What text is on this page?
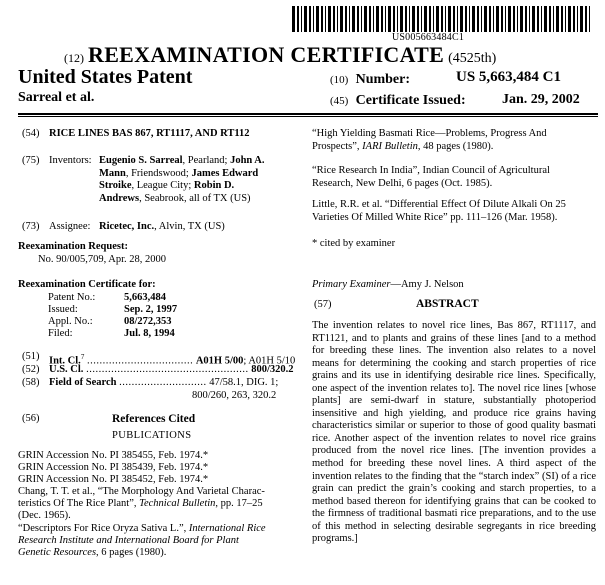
US005663484C1
(12) REEXAMINATION CERTIFICATE (4525th)
United States Patent
Sarreal et al.
(10) Number:	US 5,663,484 C1
(45) Certificate Issued:	Jan. 29, 2002
(54) RICE LINES BAS 867, RT1117, AND RT112
(75) Inventors: Eugenio S. Sarreal, Pearland; John A.
Mann, Friendswood; James Edward
Stroike, League City; Robin D.
Andrews, Seabrook, all of TX (US)
(73) Assignee: Ricetec, Inc., Alvin, TX (US)
Reexamination Request:
No. 90/005,709, Apr. 28, 2000
Reexamination Certificate for:
Patent No.:	5,663,484
Issued:	Sep. 2, 1997
Appl. No.:	08/272,353
Filed:	Jul. 8, 1994
(51) Int. Cl.$^7$ .................................. A01H 5/00; A01H 5/10
(52) U.S. Cl. .................................................... 800/320.2
(58) Field of Search ............................ 47/58.1, DIG. 1;
800/260, 263, 320.2
(56)	References Cited
PUBLICATIONS
GRIN Accession No. PI 385455, Feb. 1974.*
GRIN Accession No. PI 385439, Feb. 1974.*
GRIN Accession No. PI 385452, Feb. 1974.*
Chang, T. T. et al., “The Morphology And Varietal Charac-
teristics Of The Rice Plant”, Technical Bulletin, pp. 17–25
(Dec. 1965).
“Descriptors For Rice Oryza Sativa L.”, International Rice
Research Institute and International Board for Plant
Genetic Resources, 6 pages (1980).
“High Yielding Basmati Rice—Problems, Progress And
Prospects”, IARI Bulletin, 48 pages (1980).
“Rice Research In India”, Indian Council of Agricultural
Research, New Delhi, 6 pages (Oct. 1985).
Little, R.R. et al. “Differential Effect Of Dilute Alkali On 25
Varieties Of Milled White Rice” pp. 111–126 (Mar. 1958).
* cited by examiner
Primary Examiner—Amy J. Nelson
(57)	ABSTRACT
The invention relates to novel rice lines, Bas 867, RT1117, and RT1121, and to plants and grains of these lines [and to a method for breeding these lines. The invention also relates to a novel means for determining the cooking and starch properties of rice grains and its use in identifying desirable rice lines. Specifically, one aspect of the invention relates to]. The novel rice lines [whose plants] are semi-dwarf in stature, substantially photoperiod insensitive and high yielding, and produce rice grains having characteristics similar or superior to those of good quality basmati rice. Another aspect of the invention relates to novel rice grains produced from the novel rice lines. [The invention provides a method for breeding these novel lines. A third aspect of the invention relates to the finding that the “starch index” (SI) of a rice grain can predict the grain’s cooking and starch properties, to a method based thereon for identifying grains that can be cooked to the firmness of traditional basmati rice preparations, and to the use of this method in selecting desirable segregants in rice breeding programs.]
